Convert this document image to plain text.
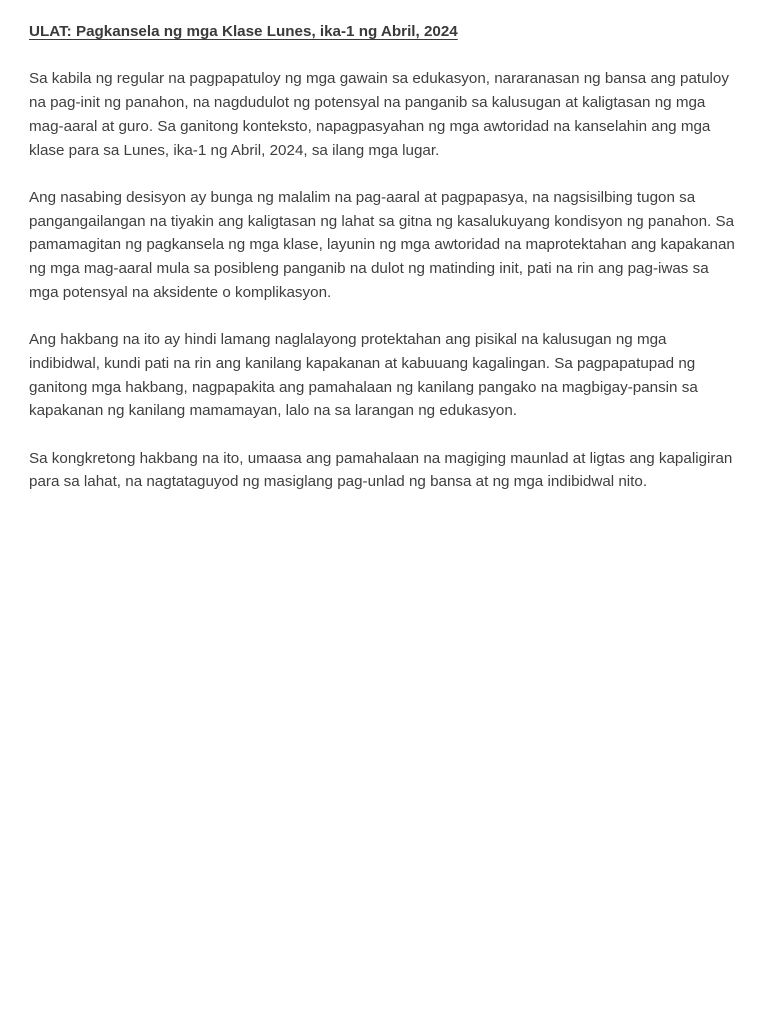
ULAT: Pagkansela ng mga Klase Lunes, ika-1 ng Abril, 2024

Sa kabila ng regular na pagpapatuloy ng mga gawain sa edukasyon, nararanasan ng bansa ang patuloy na pag-init ng panahon, na nagdudulot ng potensyal na panganib sa kalusugan at kaligtasan ng mga mag-aaral at guro. Sa ganitong konteksto, napagpasyahan ng mga awtoridad na kanselahin ang mga klase para sa Lunes, ika-1 ng Abril, 2024, sa ilang mga lugar.

Ang nasabing desisyon ay bunga ng malalim na pag-aaral at pagpapasya, na nagsisilbing tugon sa pangangailangan na tiyakin ang kaligtasan ng lahat sa gitna ng kasalukuyang kondisyon ng panahon. Sa pamamagitan ng pagkansela ng mga klase, layunin ng mga awtoridad na maprotektahan ang kapakanan ng mga mag-aaral mula sa posibleng panganib na dulot ng matinding init, pati na rin ang pag-iwas sa mga potensyal na aksidente o komplikasyon.

Ang hakbang na ito ay hindi lamang naglalayong protektahan ang pisikal na kalusugan ng mga indibidwal, kundi pati na rin ang kanilang kapakanan at kabuuang kagalingan. Sa pagpapatupad ng ganitong mga hakbang, nagpapakita ang pamahalaan ng kanilang pangako na magbigay-pansin sa kapakanan ng kanilang mamamayan, lalo na sa larangan ng edukasyon.

Sa kongkretong hakbang na ito, umaasa ang pamahalaan na magiging maunlad at ligtas ang kapaligiran para sa lahat, na nagtataguyod ng masiglang pag-unlad ng bansa at ng mga indibidwal nito.
